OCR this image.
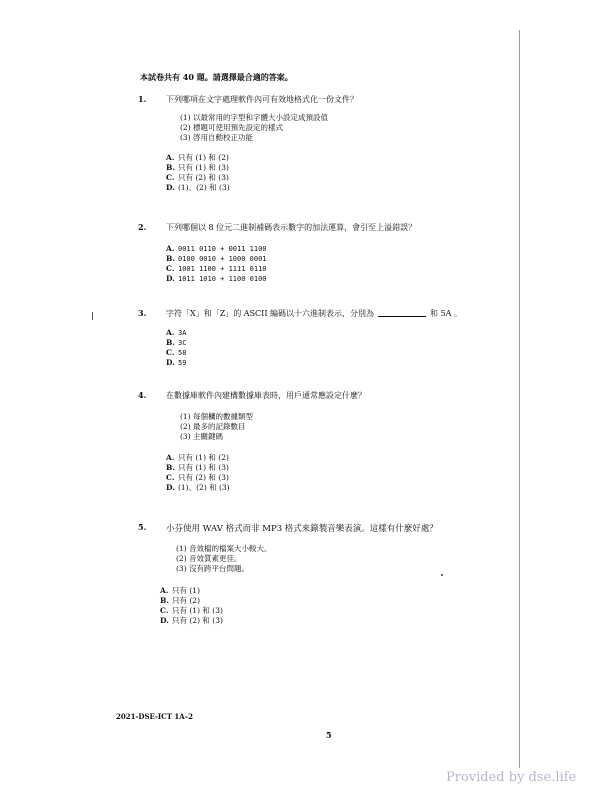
本試卷共有 40 題。請選擇最合適的答案。
1. 下列哪項在文字處理軟件內可有效地格式化一份文件？
(1) 以最常用的字型和字體大小設定成預設值
(2) 標題可使用預先設定的樣式
(3) 啓用自動校正功能
A. 只有 (1) 和 (2)
B. 只有 (1) 和 (3)
C. 只有 (2) 和 (3)
D. (1)、(2) 和 (3)
2. 下列哪個以 8 位元二進制補碼表示數字的加法運算，會引至上溢錯誤？
A. 0011 0110 + 0011 1100
B. 0100 0010 + 1000 0001
C. 1001 1100 + 1111 0110
D. 1011 1010 + 1100 0100
3. 字符「X」和「Z」的 ASCII 編碼以十六進制表示，分別為	和 5A 。
A. 3A
B. 3C
C. 58
D. 59
4. 在數據庫軟件內建構數據庫表時，用戶通常應設定什麼？
(1) 每個欄的數據類型
(2) 最多的記錄數目
(3) 主關鍵碼
A. 只有 (1) 和 (2)
B. 只有 (1) 和 (3)
C. 只有 (2) 和 (3)
D. (1)、(2) 和 (3)
5. 小芬使用 WAV 格式而非 MP3 格式來錄製音樂表演。這樣有什麼好處？
(1) 音效檔的檔案大小較大。
(2) 音效質素更佳。
(3) 沒有跨平台問題。
A. 只有 (1)
B. 只有 (2)
C. 只有 (1) 和 (3)
D. 只有 (2) 和 (3)
2021-DSE-ICT 1A–2
5
Provided by dse.life
